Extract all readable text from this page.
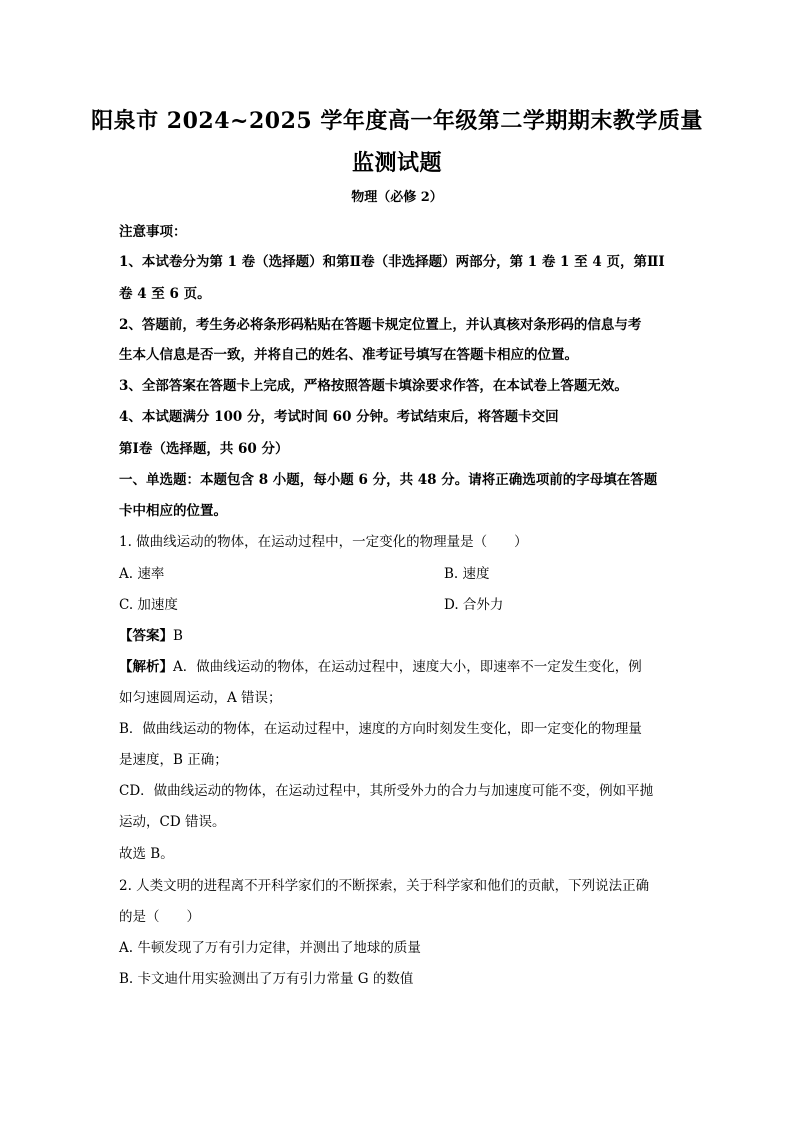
阳泉市 2024~2025 学年度高一年级第二学期期末教学质量
监测试题
物理（必修 2）
注意事项：
1、本试卷分为第 1 卷（选择题）和第Ⅱ卷（非选择题）两部分，第 1 卷 1 至 4 页，第ⅡI
卷 4 至 6 页。
2、答题前，考生务必将条形码粘贴在答题卡规定位置上，并认真核对条形码的信息与考
生本人信息是否一致，并将自己的姓名、准考证号填写在答题卡相应的位置。
3、全部答案在答题卡上完成，严格按照答题卡填涂要求作答，在本试卷上答题无效。
4、本试题满分 100 分，考试时间 60 分钟。考试结束后，将答题卡交回
第Ⅰ卷（选择题，共 60 分）
一、单选题：本题包含 8 小题，每小题 6 分，共 48 分。请将正确选项前的字母填在答题
卡中相应的位置。
1. 做曲线运动的物体，在运动过程中，一定变化的物理量是（　　）
A. 速率	B. 速度
C. 加速度	D. 合外力
【答案】B
【解析】A．做曲线运动的物体，在运动过程中，速度大小，即速率不一定发生变化，例
如匀速圆周运动，A 错误；
B．做曲线运动的物体，在运动过程中，速度的方向时刻发生变化，即一定变化的物理量
是速度，B 正确；
CD．做曲线运动的物体，在运动过程中，其所受外力的合力与加速度可能不变，例如平抛
运动，CD 错误。
故选 B。
2. 人类文明的进程离不开科学家们的不断探索，关于科学家和他们的贡献，下列说法正确
的是（　　）
A. 牛顿发现了万有引力定律，并测出了地球的质量
B. 卡文迪什用实验测出了万有引力常量 G 的数值
